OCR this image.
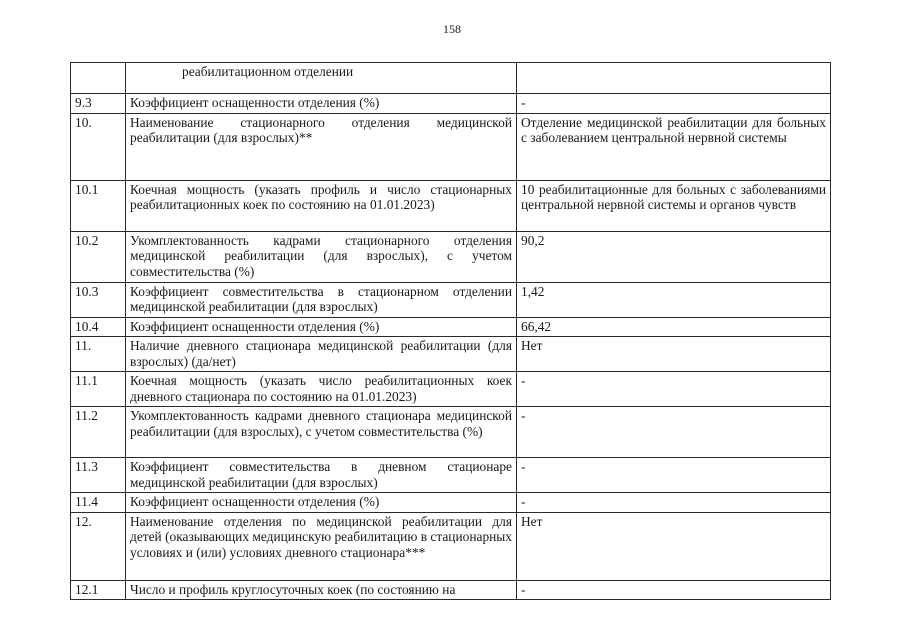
158
	реабилитационном отделении	
9.3	Коэффициент оснащенности отделения (%)	-
10.	Наименование стационарного отделения медицинской реабилитации (для взрослых)**	Отделение медицинской реабилитации для больных с заболеванием центральной нервной системы
10.1	Коечная мощность (указать профиль и число стационарных реабилитационных коек по состоянию на 01.01.2023)	10 реабилитационные для больных с заболеваниями центральной нервной системы и органов чувств
10.2	Укомплектованность кадрами стационарного отделения медицинской реабилитации (для взрослых), с учетом совместительства (%)	90,2
10.3	Коэффициент совместительства в стационарном отделении медицинской реабилитации (для взрослых)	1,42
10.4	Коэффициент оснащенности отделения (%)	66,42
11.	Наличие дневного стационара медицинской реабилитации (для взрослых) (да/нет)	Нет
11.1	Коечная мощность (указать число реабилитационных коек дневного стационара по состоянию на 01.01.2023)	-
11.2	Укомплектованность кадрами дневного стационара медицинской реабилитации (для взрослых), с учетом совместительства (%)	-
11.3	Коэффициент совместительства в дневном стационаре медицинской реабилитации (для взрослых)	-
11.4	Коэффициент оснащенности отделения (%)	-
12.	Наименование отделения по медицинской реабилитации для детей (оказывающих медицинскую реабилитацию в стационарных условиях и (или) условиях дневного стационара***	Нет
12.1	Число и профиль круглосуточных коек (по состоянию на	-
